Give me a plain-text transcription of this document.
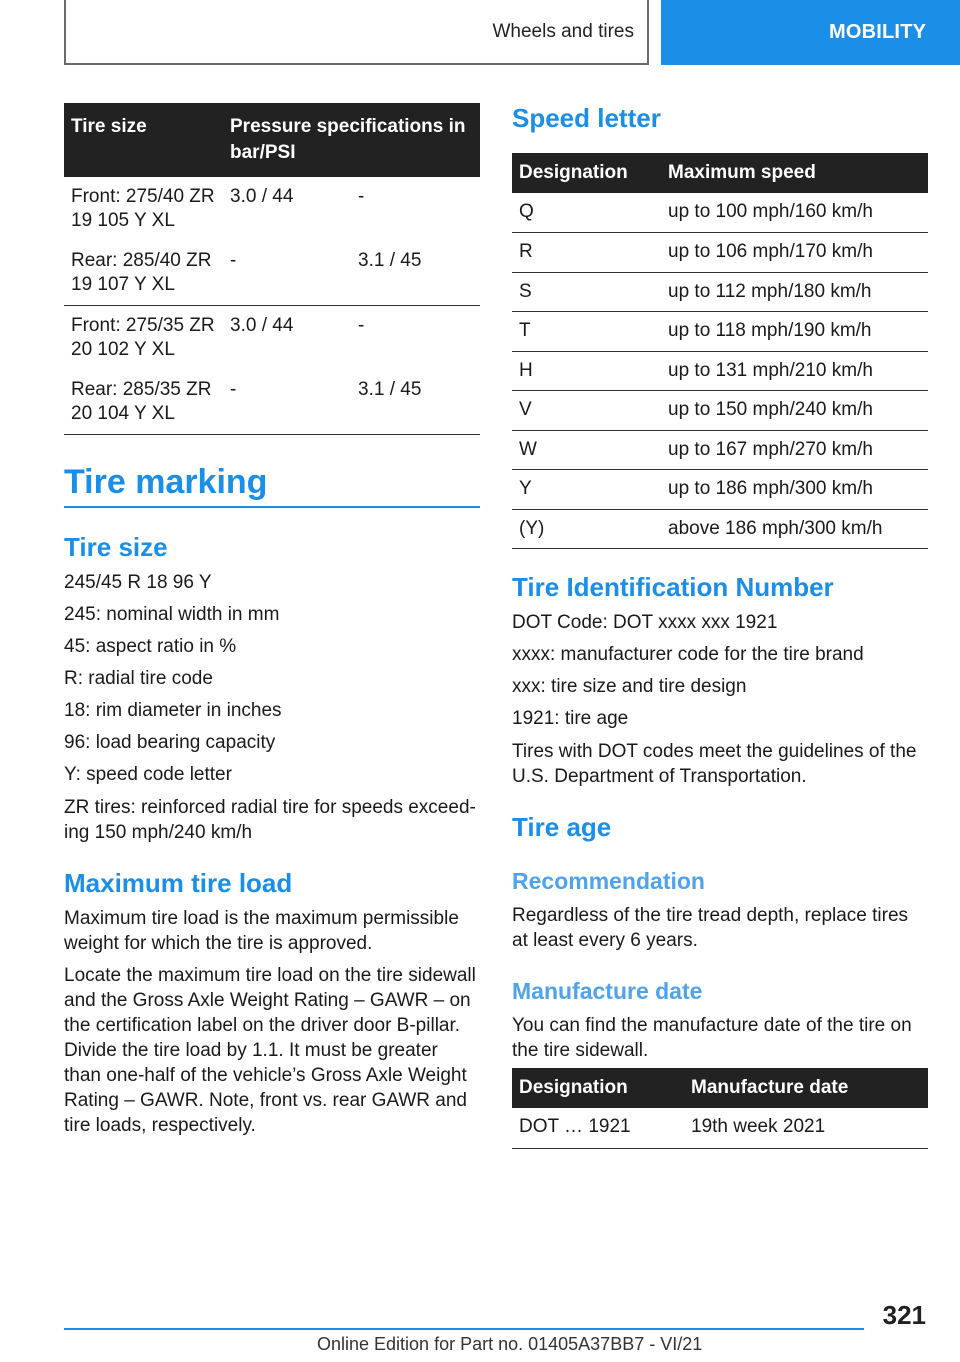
Wheels and tires	MOBILITY
Tire size	Pressure specifications in bar/PSI	
Front: 275/40 ZR 19 105 Y XL	3.0 / 44	-
Rear: 285/40 ZR 19 107 Y XL	-	3.1 / 45
Front: 275/35 ZR 20 102 Y XL	3.0 / 44	-
Rear: 285/35 ZR 20 104 Y XL	-	3.1 / 45
Tire marking
Tire size
245/45 R 18 96 Y
245: nominal width in mm
45: aspect ratio in %
R: radial tire code
18: rim diameter in inches
96: load bearing capacity
Y: speed code letter
ZR tires: reinforced radial tire for speeds exceed-ing 150 mph/240 km/h
Maximum tire load
Maximum tire load is the maximum permissible weight for which the tire is approved.
Locate the maximum tire load on the tire sidewall and the Gross Axle Weight Rating – GAWR – on the certification label on the driver door B-pillar. Divide the tire load by 1.1. It must be greater than one-half of the vehicle’s Gross Axle Weight Rating – GAWR. Note, front vs. rear GAWR and tire loads, respectively.
Speed letter
Designation	Maximum speed
Q	up to 100 mph/160 km/h
R	up to 106 mph/170 km/h
S	up to 112 mph/180 km/h
T	up to 118 mph/190 km/h
H	up to 131 mph/210 km/h
V	up to 150 mph/240 km/h
W	up to 167 mph/270 km/h
Y	up to 186 mph/300 km/h
(Y)	above 186 mph/300 km/h
Tire Identification Number
DOT Code: DOT xxxx xxx 1921
xxxx: manufacturer code for the tire brand
xxx: tire size and tire design
1921: tire age
Tires with DOT codes meet the guidelines of the U.S. Department of Transportation.
Tire age
Recommendation
Regardless of the tire tread depth, replace tires at least every 6 years.
Manufacture date
You can find the manufacture date of the tire on the tire sidewall.
Designation	Manufacture date
DOT … 1921	19th week 2021
321
Online Edition for Part no. 01405A37BB7 - VI/21
